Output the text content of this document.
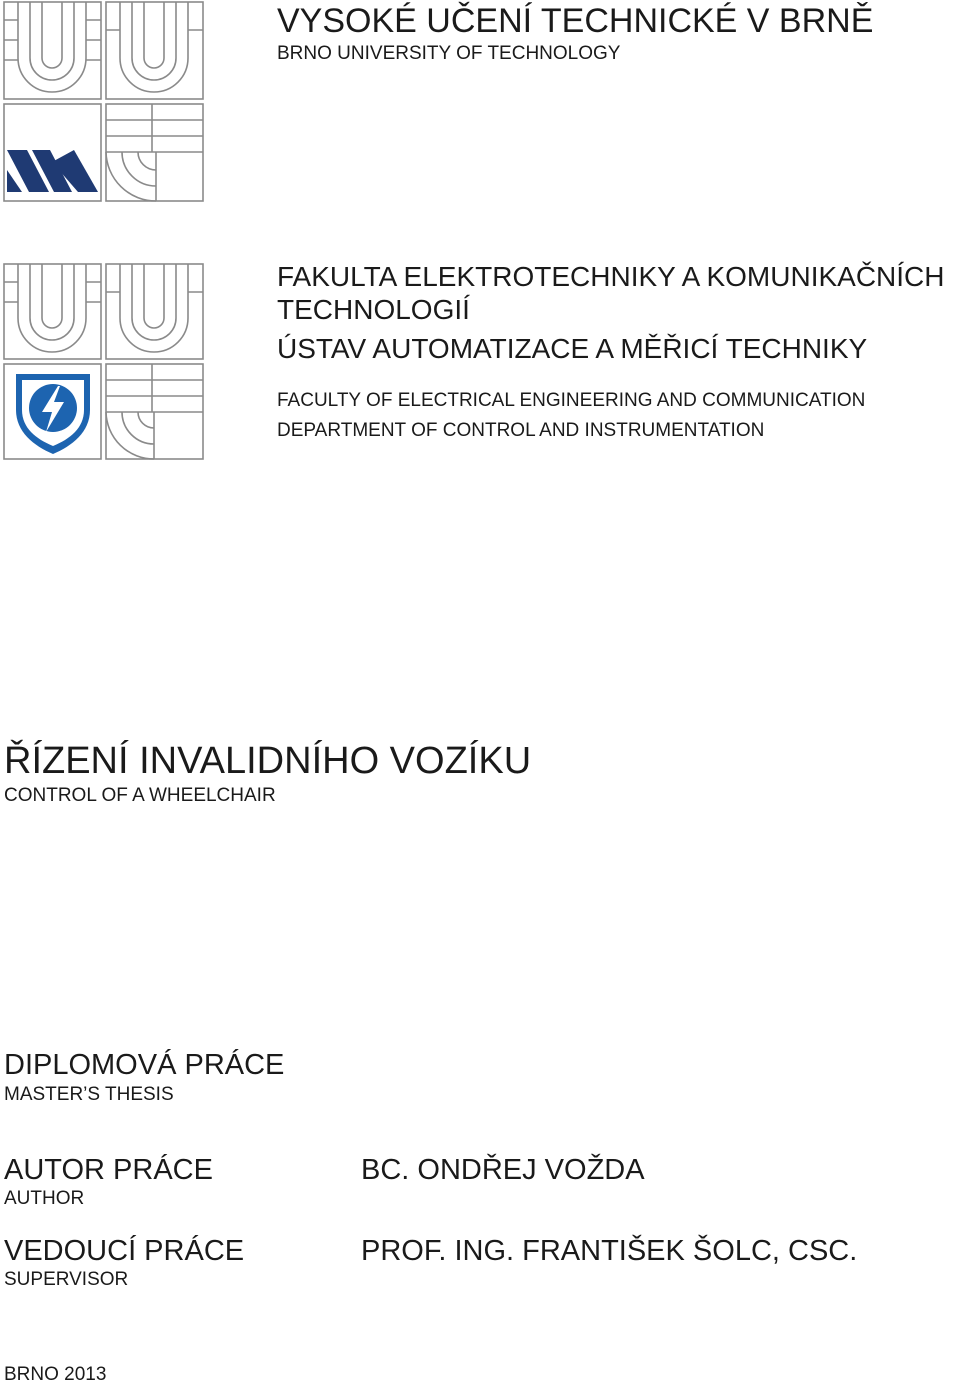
VYSOKÉ UČENÍ TECHNICKÉ V BRNĚ
BRNO UNIVERSITY OF TECHNOLOGY
FAKULTA ELEKTROTECHNIKY A KOMUNIKAČNÍCH
TECHNOLOGIÍ
ÚSTAV AUTOMATIZACE A MĚŘICÍ TECHNIKY
FACULTY OF ELECTRICAL ENGINEERING AND COMMUNICATION
DEPARTMENT OF CONTROL AND INSTRUMENTATION
ŘÍZENÍ INVALIDNÍHO VOZÍKU
CONTROL OF A WHEELCHAIR
DIPLOMOVÁ PRÁCE
MASTER’S THESIS
AUTOR PRÁCE
AUTHOR
BC. ONDŘEJ VOŽDA
VEDOUCÍ PRÁCE
SUPERVISOR
PROF. ING. FRANTIŠEK ŠOLC, CSC.
BRNO 2013
